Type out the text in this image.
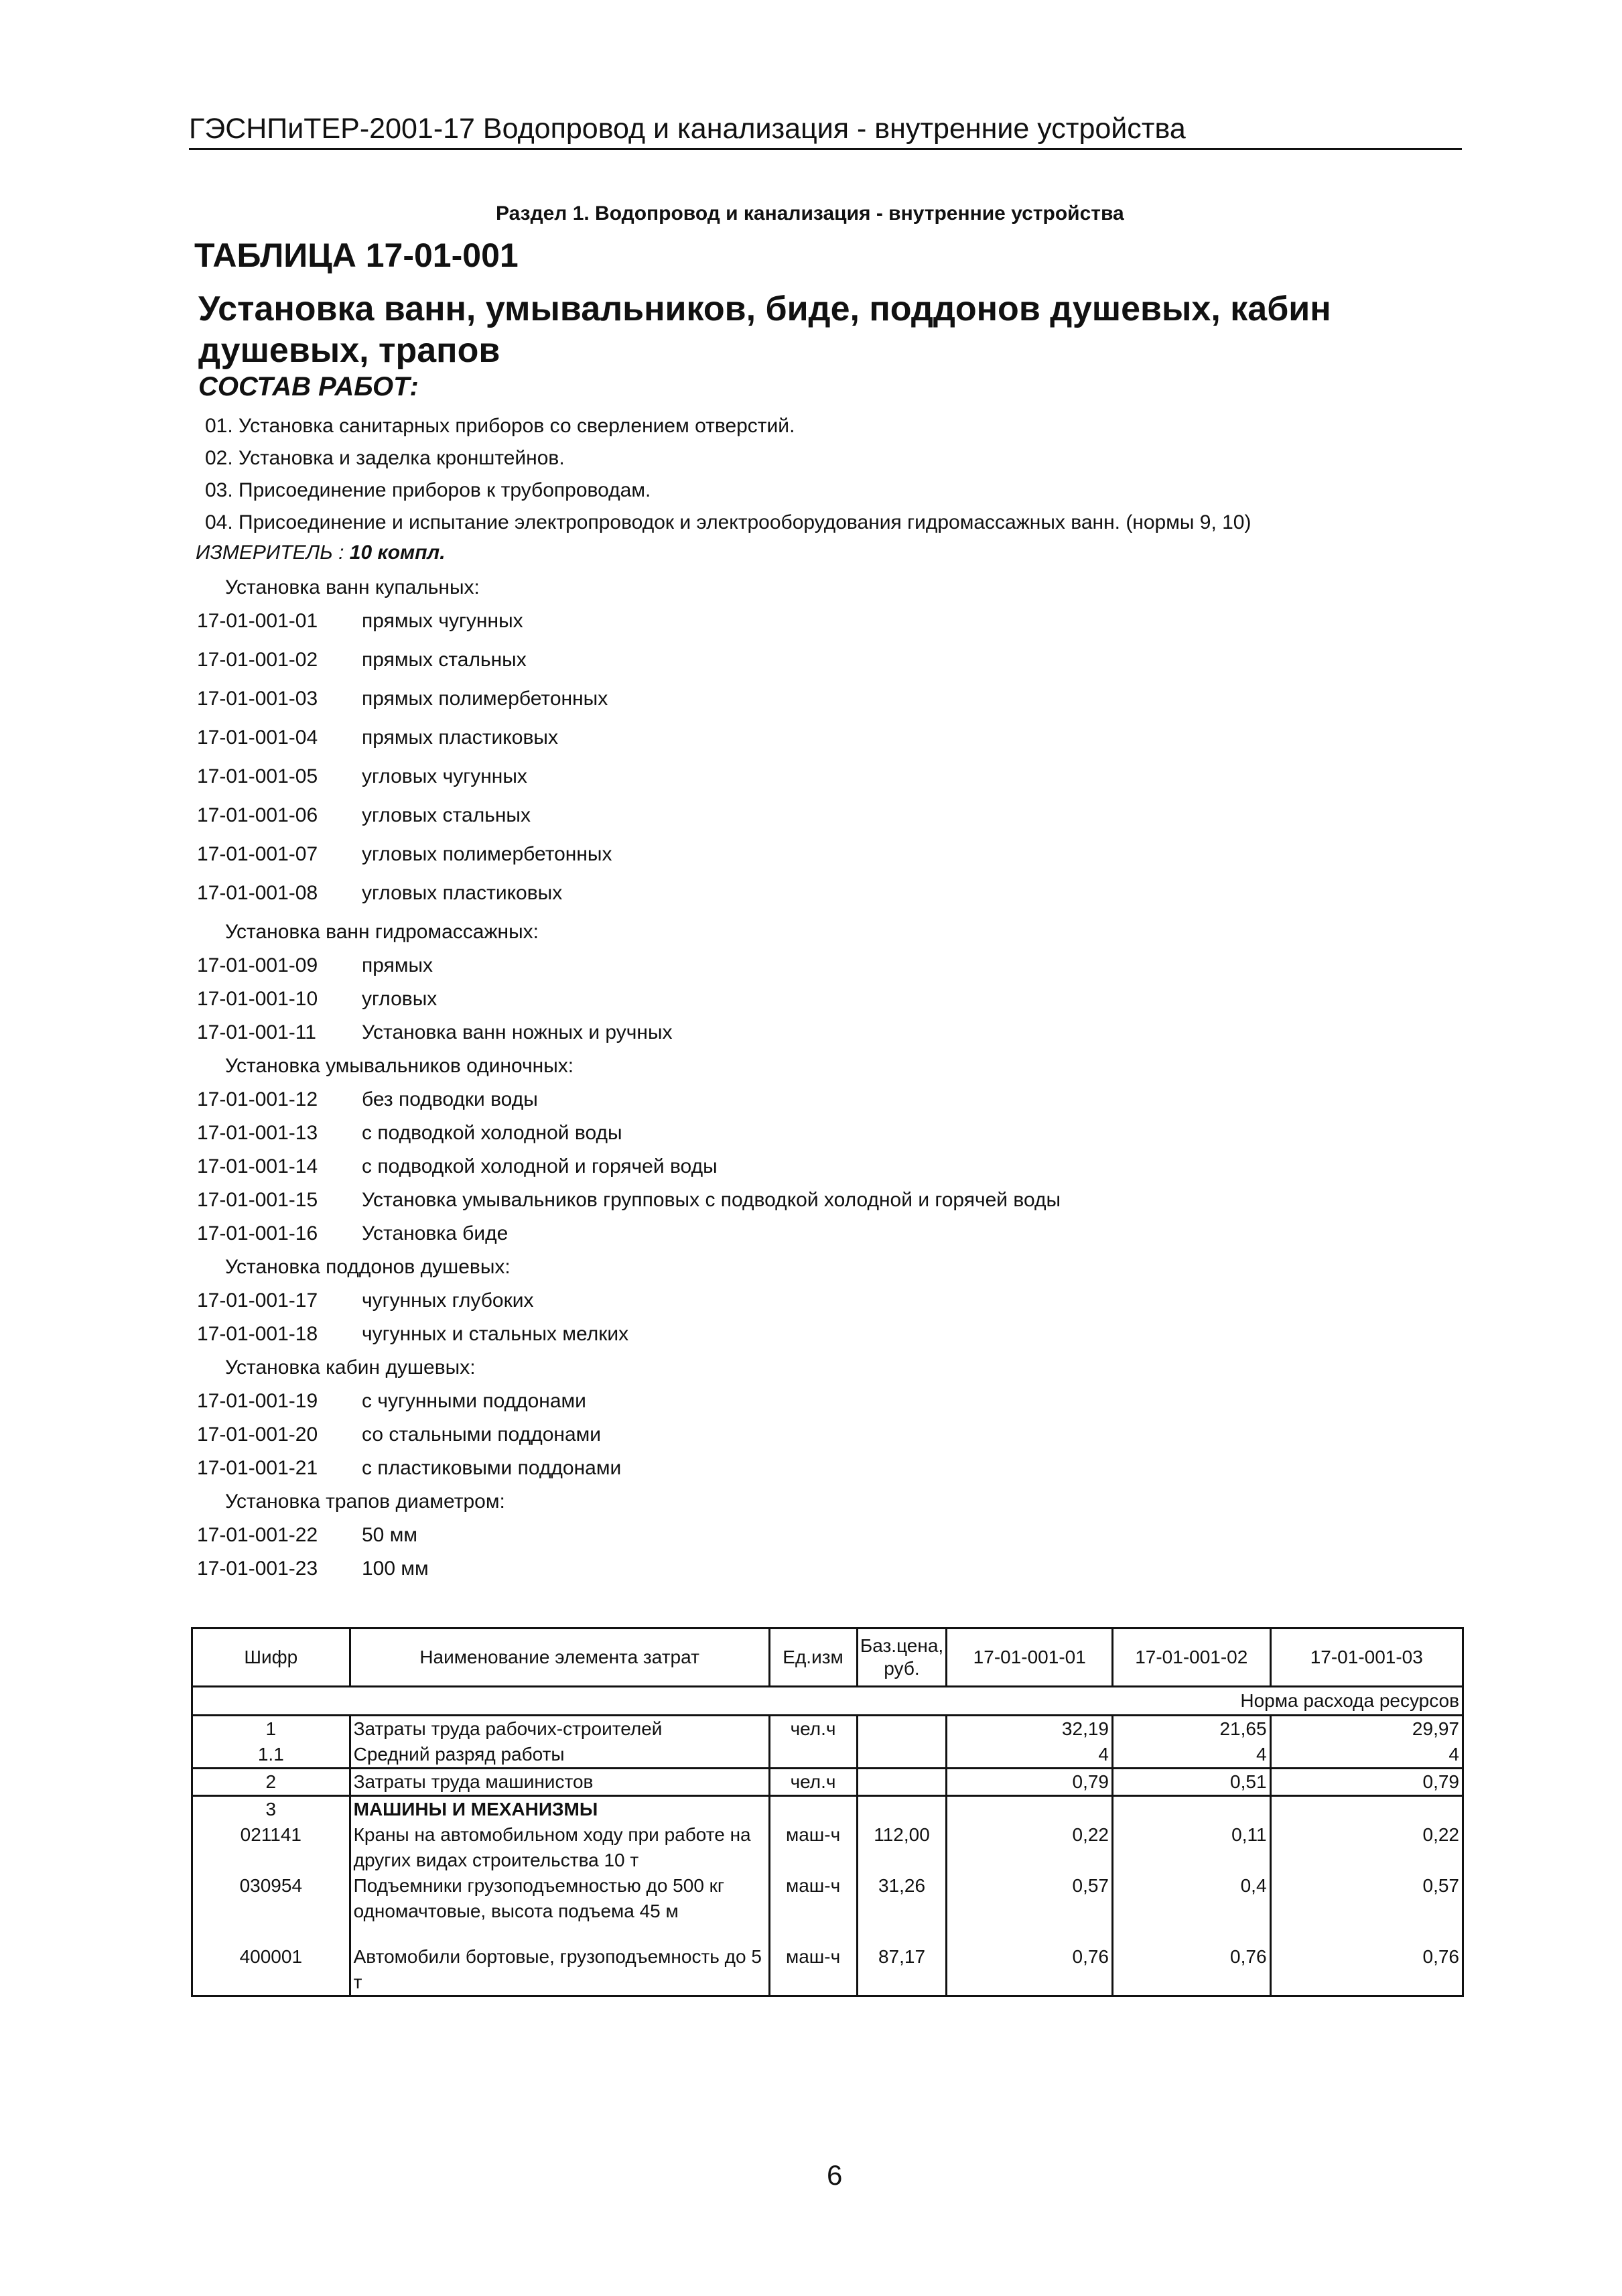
ГЭСНПиТЕР-2001-17 Водопровод и канализация - внутренние устройства
Раздел 1. Водопровод и канализация - внутренние устройства
ТАБЛИЦА 17-01-001
Установка ванн, умывальников, биде, поддонов душевых, кабин душевых, трапов
СОСТАВ РАБОТ:
01. Установка санитарных приборов со сверлением отверстий.
02. Установка и заделка кронштейнов.
03. Присоединение приборов к трубопроводам.
04. Присоединение и испытание электропроводок и электрооборудования гидромассажных ванн. (нормы 9, 10)
ИЗМЕРИТЕЛЬ : 10 компл.
Установка ванн купальных:
17-01-001-01	прямых чугунных
17-01-001-02	прямых стальных
17-01-001-03	прямых полимербетонных
17-01-001-04	прямых пластиковых
17-01-001-05	угловых чугунных
17-01-001-06	угловых стальных
17-01-001-07	угловых полимербетонных
17-01-001-08	угловых пластиковых
Установка ванн гидромассажных:
17-01-001-09	прямых
17-01-001-10	угловых
17-01-001-11	Установка ванн ножных и ручных
Установка умывальников одиночных:
17-01-001-12	без подводки воды
17-01-001-13	с подводкой холодной воды
17-01-001-14	с подводкой холодной и горячей воды
17-01-001-15	Установка умывальников групповых с подводкой холодной и горячей воды
17-01-001-16	Установка биде
Установка поддонов душевых:
17-01-001-17	чугунных глубоких
17-01-001-18	чугунных и стальных мелких
Установка кабин душевых:
17-01-001-19	с чугунными поддонами
17-01-001-20	со стальными поддонами
17-01-001-21	с пластиковыми поддонами
Установка трапов диаметром:
17-01-001-22	50 мм
17-01-001-23	100 мм
Шифр	Наименование элемента затрат	Ед.изм	Баз.цена, руб.	17-01-001-01	17-01-001-02	17-01-001-03
Норма расхода ресурсов						
1	Затраты труда рабочих-строителей	чел.ч		32,19	21,65	29,97
1.1	Средний разряд работы			4	4	4
2	Затраты труда машинистов	чел.ч		0,79	0,51	0,79
3	МАШИНЫ И МЕХАНИЗМЫ					
021141	Краны на автомобильном ходу при работе на других видах строительства 10 т	маш-ч	112,00	0,22	0,11	0,22
030954	Подъемники грузоподъемностью до 500 кг одномачтовые, высота подъема 45 м	маш-ч	31,26	0,57	0,4	0,57

400001	Автомобили бортовые, грузоподъемность до 5 т	маш-ч	87,17	0,76	0,76	0,76
6
